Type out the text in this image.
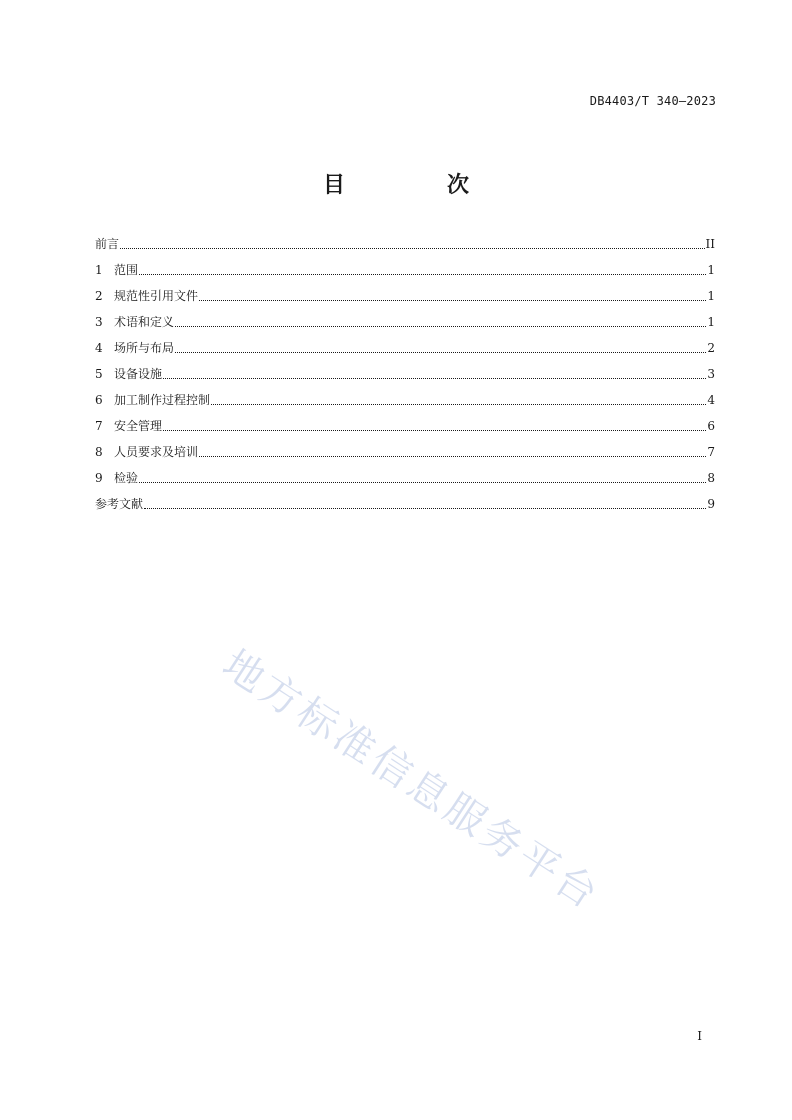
DB4403/T 340—2023
目　次
前言	II
1 范围	1
2 规范性引用文件	1
3 术语和定义	1
4 场所与布局	2
5 设备设施	3
6 加工制作过程控制	4
7 安全管理	6
8 人员要求及培训	7
9 检验	8
参考文献	9
地方标准信息服务平台
I
